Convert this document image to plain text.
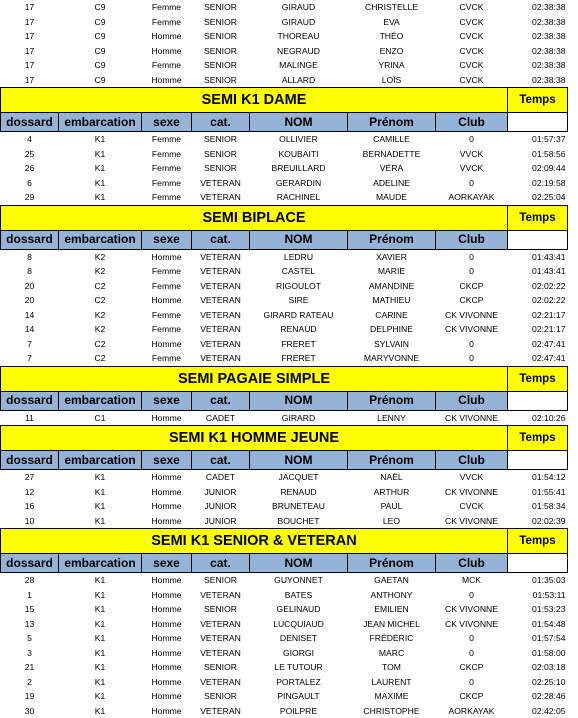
17	C9	Femme	SENIOR	GIRAUD	CHRISTELLE	CVCK	02:38:38
17	C9	Femme	SENIOR	GIRAUD	EVA	CVCK	02:38:38
17	C9	Homme	SENIOR	THOREAU	THÉO	CVCK	02:38:38
17	C9	Homme	SENIOR	NEGRAUD	ENZO	CVCK	02:38:38
17	C9	Femme	SENIOR	MALINGE	YRINA	CVCK	02:38:38
17	C9	Homme	SENIOR	ALLARD	LOÏS	CVCK	02:38:38
SEMI K1 DAME							Temps
dossard	embarcation	sexe	cat.	NOM	Prénom	Club	
4	K1	Femme	SENIOR	OLLIVIER	CAMILLE	0	01:57:37
25	K1	Femme	SENIOR	KOUBAITI	BERNADETTE	VVCK	01:58:56
26	K1	Femme	SENIOR	BREUILLARD	VÉRA	VVCK	02:09:44
6	K1	Femme	VETERAN	GERARDIN	ADELINE	0	02:19:58
29	K1	Femme	VETERAN	RACHINEL	MAUDE	AORKAYAK	02:25:04
SEMI BIPLACE							Temps
dossard	embarcation	sexe	cat.	NOM	Prénom	Club	
8	K2	Homme	VETERAN	LEDRU	XAVIER	0	01:43:41
8	K2	Femme	VETERAN	CASTEL	MARIE	0	01:43:41
20	C2	Femme	VETERAN	RIGOULOT	AMANDINE	CKCP	02:02:22
20	C2	Homme	VETERAN	SIRE	MATHIEU	CKCP	02:02:22
14	K2	Femme	VETERAN	GIRARD RATEAU	CARINE	CK VIVONNE	02:21:17
14	K2	Femme	VETERAN	RENAUD	DELPHINE	CK VIVONNE	02:21:17
7	C2	Homme	VETERAN	FRERET	SYLVAIN	0	02:47:41
7	C2	Femme	VETERAN	FRERET	MARYVONNE	0	02:47:41
SEMI PAGAIE SIMPLE							Temps
dossard	embarcation	sexe	cat.	NOM	Prénom	Club	
11	C1	Homme	CADET	GIRARD	LENNY	CK VIVONNE	02:10:26
SEMI K1 HOMME JEUNE							Temps
dossard	embarcation	sexe	cat.	NOM	Prénom	Club	
27	K1	Homme	CADET	JACQUET	NAËL	VVCK	01:54:12
12	K1	Homme	JUNIOR	RENAUD	ARTHUR	CK VIVONNE	01:55:41
16	K1	Homme	JUNIOR	BRUNETEAU	PAUL	CVCK	01:58:34
10	K1	Homme	JUNIOR	BOUCHET	LEO	CK VIVONNE	02:02:39
SEMI K1 SENIOR & VETERAN							Temps
dossard	embarcation	sexe	cat.	NOM	Prénom	Club	
28	K1	Homme	SENIOR	GUYONNET	GAETAN	MCK	01:35:03
1	K1	Homme	VETERAN	BATES	ANTHONY	0	01:53:11
15	K1	Homme	SENIOR	GELINAUD	EMILIEN	CK VIVONNE	01:53:23
13	K1	Homme	VETERAN	LUCQUIAUD	JEAN MICHEL	CK VIVONNE	01:54:48
5	K1	Homme	VETERAN	DENISET	FRÉDÉRIC	0	01:57:54
3	K1	Homme	VETERAN	GIORGI	MARC	0	01:58:00
21	K1	Homme	SENIOR	LE TUTOUR	TOM	CKCP	02:03:18
2	K1	Homme	VETERAN	PORTALEZ	LAURENT	0	02:25:10
19	K1	Homme	SENIOR	PINGAULT	MAXIME	CKCP	02:28:46
30	K1	Homme	VETERAN	POILPRE	CHRISTOPHE	AORKAYAK	02:42:05
